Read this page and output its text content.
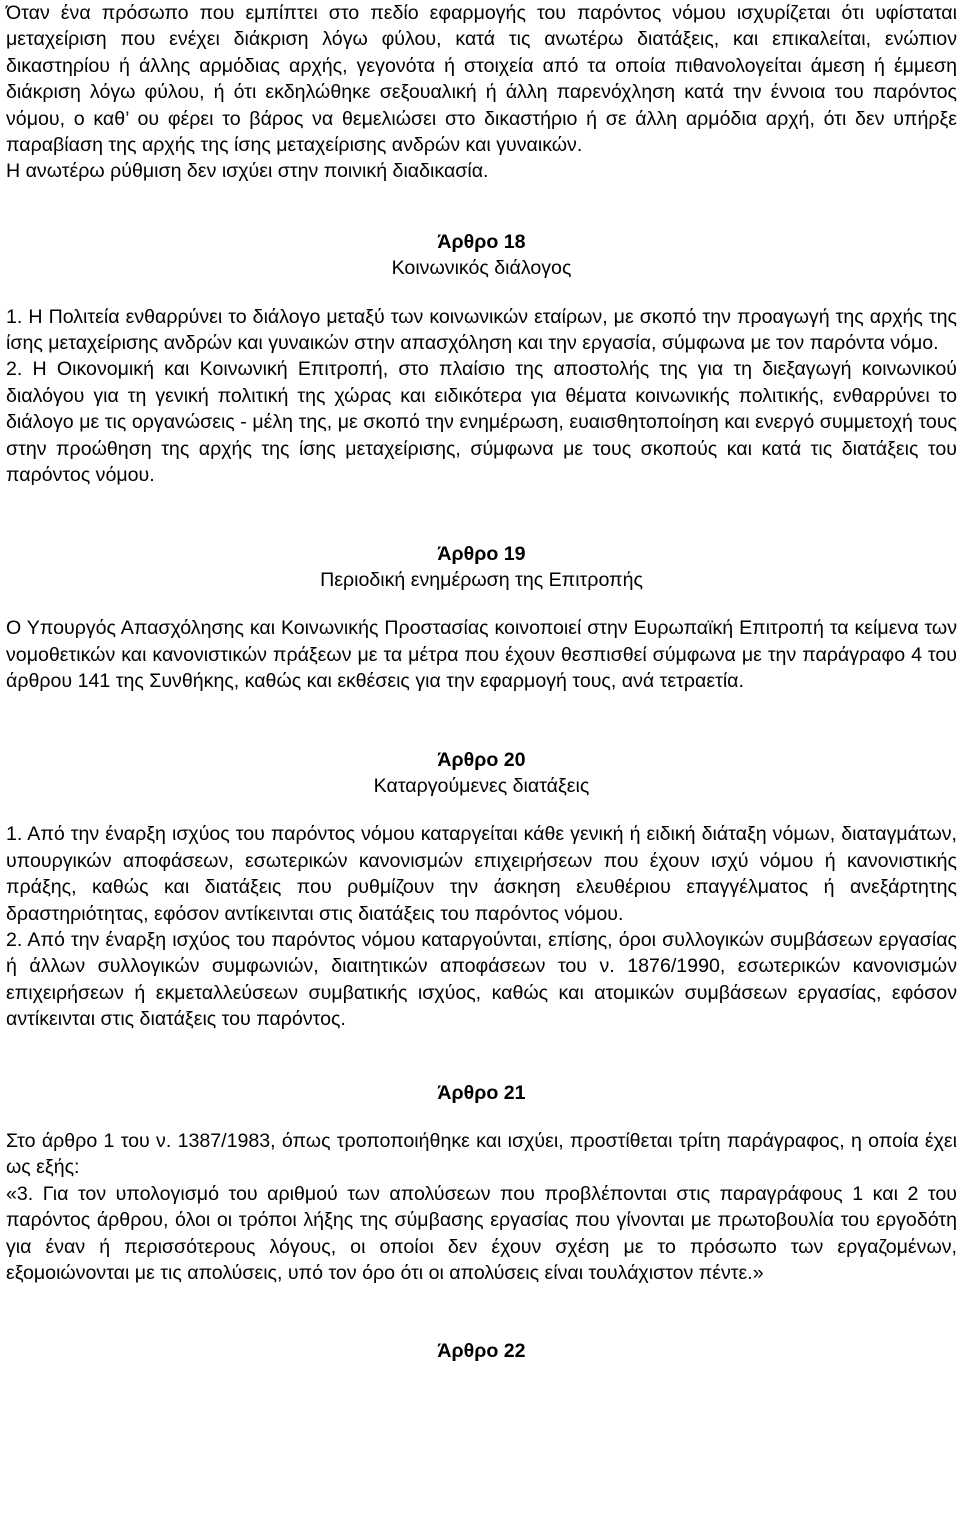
Όταν ένα πρόσωπο που εμπίπτει στο πεδίο εφαρμογής του παρόντος νόμου ισχυρίζεται ότι υφίσταται μεταχείριση που ενέχει διάκριση λόγω φύλου, κατά τις ανωτέρω διατάξεις, και επικαλείται, ενώπιον δικαστηρίου ή άλλης αρμόδιας αρχής, γεγονότα ή στοιχεία από τα οποία πιθανολογείται άμεση ή έμμεση διάκριση λόγω φύλου, ή ότι εκδηλώθηκε σεξουαλική ή άλλη παρενόχληση κατά την έννοια του παρόντος νόμου, ο καθ’ ου φέρει το βάρος να θεμελιώσει στο δικαστήριο ή σε άλλη αρμόδια αρχή, ότι δεν υπήρξε παραβίαση της αρχής της ίσης μεταχείρισης ανδρών και γυναικών.

Η ανωτέρω ρύθμιση δεν ισχύει στην ποινική διαδικασία.

Άρθρο 18

Κοινωνικός διάλογος

1. Η Πολιτεία ενθαρρύνει το διάλογο μεταξύ των κοινωνικών εταίρων, με σκοπό την προαγωγή της αρχής της ίσης μεταχείρισης ανδρών και γυναικών στην απασχόληση και την εργασία, σύμφωνα με τον παρόντα νόμο.

2. Η Οικονομική και Κοινωνική Επιτροπή, στο πλαίσιο της αποστολής της για τη διεξαγωγή κοινωνικού διαλόγου για τη γενική πολιτική της χώρας και ειδικότερα για θέματα κοινωνικής πολιτικής, ενθαρρύνει το διάλογο με τις οργανώσεις - μέλη της, με σκοπό την ενημέρωση, ευαισθητοποίηση και ενεργό συμμετοχή τους στην προώθηση της αρχής της ίσης μεταχείρισης, σύμφωνα με τους σκοπούς και κατά τις διατάξεις του παρόντος νόμου.

Άρθρο 19

Περιοδική ενημέρωση της Επιτροπής

Ο Υπουργός Απασχόλησης και Κοινωνικής Προστασίας κοινοποιεί στην Ευρωπαϊκή Επιτροπή τα κείμενα των νομοθετικών και κανονιστικών πράξεων με τα μέτρα που έχουν θεσπισθεί σύμφωνα με την παράγραφο 4 του άρθρου 141 της Συνθήκης, καθώς και εκθέσεις για την εφαρμογή τους, ανά τετραετία.

Άρθρο 20

Καταργούμενες διατάξεις

1. Από την έναρξη ισχύος του παρόντος νόμου καταργείται κάθε γενική ή ειδική διάταξη νόμων, διαταγμάτων, υπουργικών αποφάσεων, εσωτερικών κανονισμών επιχειρήσεων που έχουν ισχύ νόμου ή κανονιστικής πράξης, καθώς και διατάξεις που ρυθμίζουν την άσκηση ελευθέριου επαγγέλματος ή ανεξάρτητης δραστηριότητας, εφόσον αντίκεινται στις διατάξεις του παρόντος νόμου.

2. Από την έναρξη ισχύος του παρόντος νόμου καταργούνται, επίσης, όροι συλλογικών συμβάσεων εργασίας ή άλλων συλλογικών συμφωνιών, διαιτητικών αποφάσεων του ν. 1876/1990, εσωτερικών κανονισμών επιχειρήσεων ή εκμεταλλεύσεων συμβατικής ισχύος, καθώς και ατομικών συμβάσεων εργασίας, εφόσον αντίκεινται στις διατάξεις του παρόντος.

Άρθρο 21

Στο άρθρο 1 του ν. 1387/1983, όπως τροποποιήθηκε και ισχύει, προστίθεται τρίτη παράγραφος, η οποία έχει ως εξής:

«3. Για τον υπολογισμό του αριθμού των απολύσεων που προβλέπονται στις παραγράφους 1 και 2 του παρόντος άρθρου, όλοι οι τρόποι λήξης της σύμβασης εργασίας που γίνονται με πρωτοβουλία του εργοδότη για έναν ή περισσότερους λόγους, οι οποίοι δεν έχουν σχέση με το πρόσωπο των εργαζομένων, εξομοιώνονται με τις απολύσεις, υπό τον όρο ότι οι απολύσεις είναι τουλάχιστον πέντε.»

Άρθρο 22
